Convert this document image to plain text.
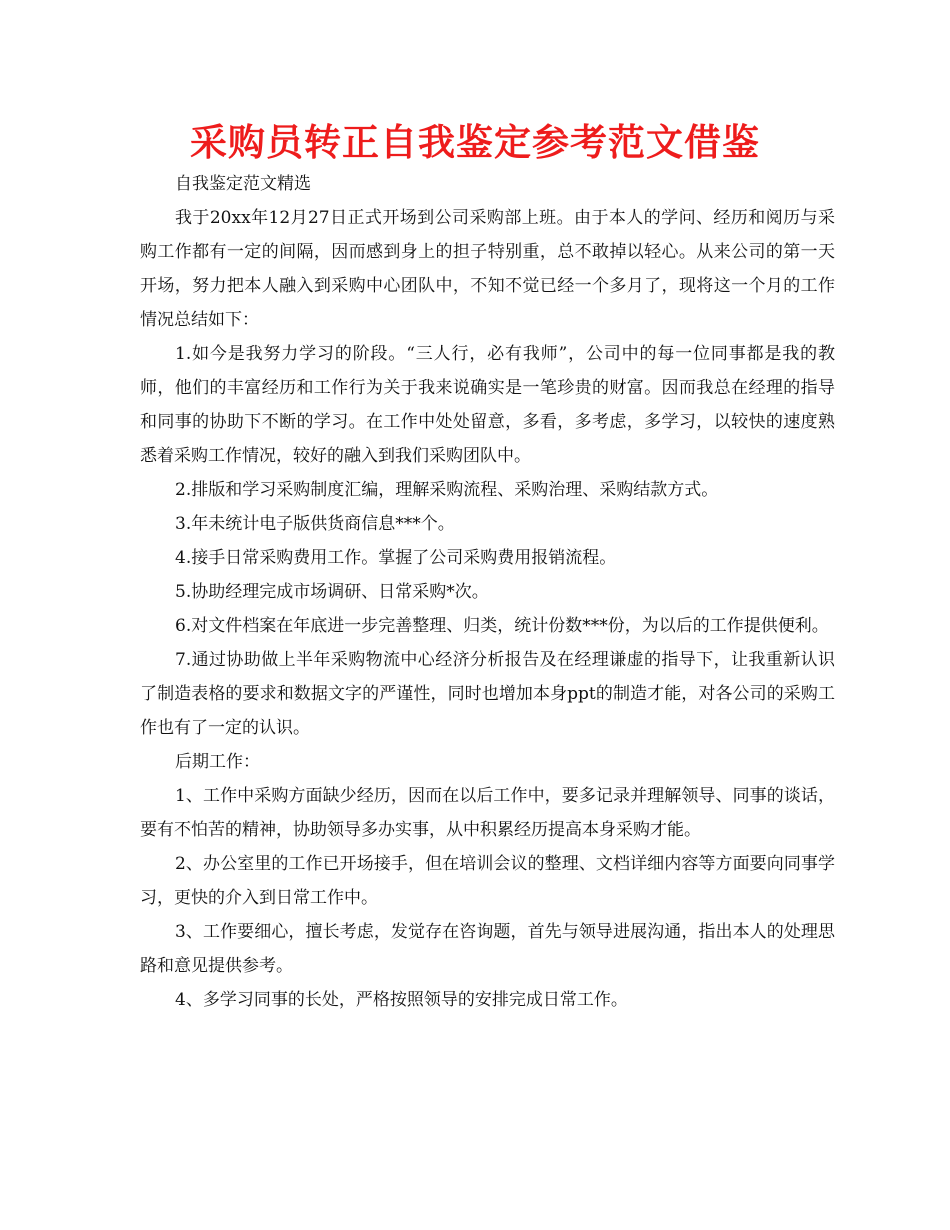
采购员转正自我鉴定参考范文借鉴

自我鉴定范文精选

我于20xx年12月27日正式开场到公司采购部上班。由于本人的学问、经历和阅历与采购工作都有一定的间隔，因而感到身上的担子特别重，总不敢掉以轻心。从来公司的第一天开场，努力把本人融入到采购中心团队中，不知不觉已经一个多月了，现将这一个月的工作情况总结如下：

1.如今是我努力学习的阶段。“三人行，必有我师”，公司中的每一位同事都是我的教师，他们的丰富经历和工作行为关于我来说确实是一笔珍贵的财富。因而我总在经理的指导和同事的协助下不断的学习。在工作中处处留意，多看，多考虑，多学习，以较快的速度熟悉着采购工作情况，较好的融入到我们采购团队中。

2.排版和学习采购制度汇编，理解采购流程、采购治理、采购结款方式。

3.年未统计电子版供货商信息***个。

4.接手日常采购费用工作。掌握了公司采购费用报销流程。

5.协助经理完成市场调研、日常采购*次。

6.对文件档案在年底进一步完善整理、归类，统计份数***份，为以后的工作提供便利。

7.通过协助做上半年采购物流中心经济分析报告及在经理谦虚的指导下，让我重新认识了制造表格的要求和数据文字的严谨性，同时也增加本身ppt的制造才能，对各公司的采购工作也有了一定的认识。

后期工作：

1、工作中采购方面缺少经历，因而在以后工作中，要多记录并理解领导、同事的谈话，要有不怕苦的精神，协助领导多办实事，从中积累经历提高本身采购才能。

2、办公室里的工作已开场接手，但在培训会议的整理、文档详细内容等方面要向同事学习，更快的介入到日常工作中。

3、工作要细心，擅长考虑，发觉存在咨询题，首先与领导进展沟通，指出本人的处理思路和意见提供参考。

4、多学习同事的长处，严格按照领导的安排完成日常工作。
